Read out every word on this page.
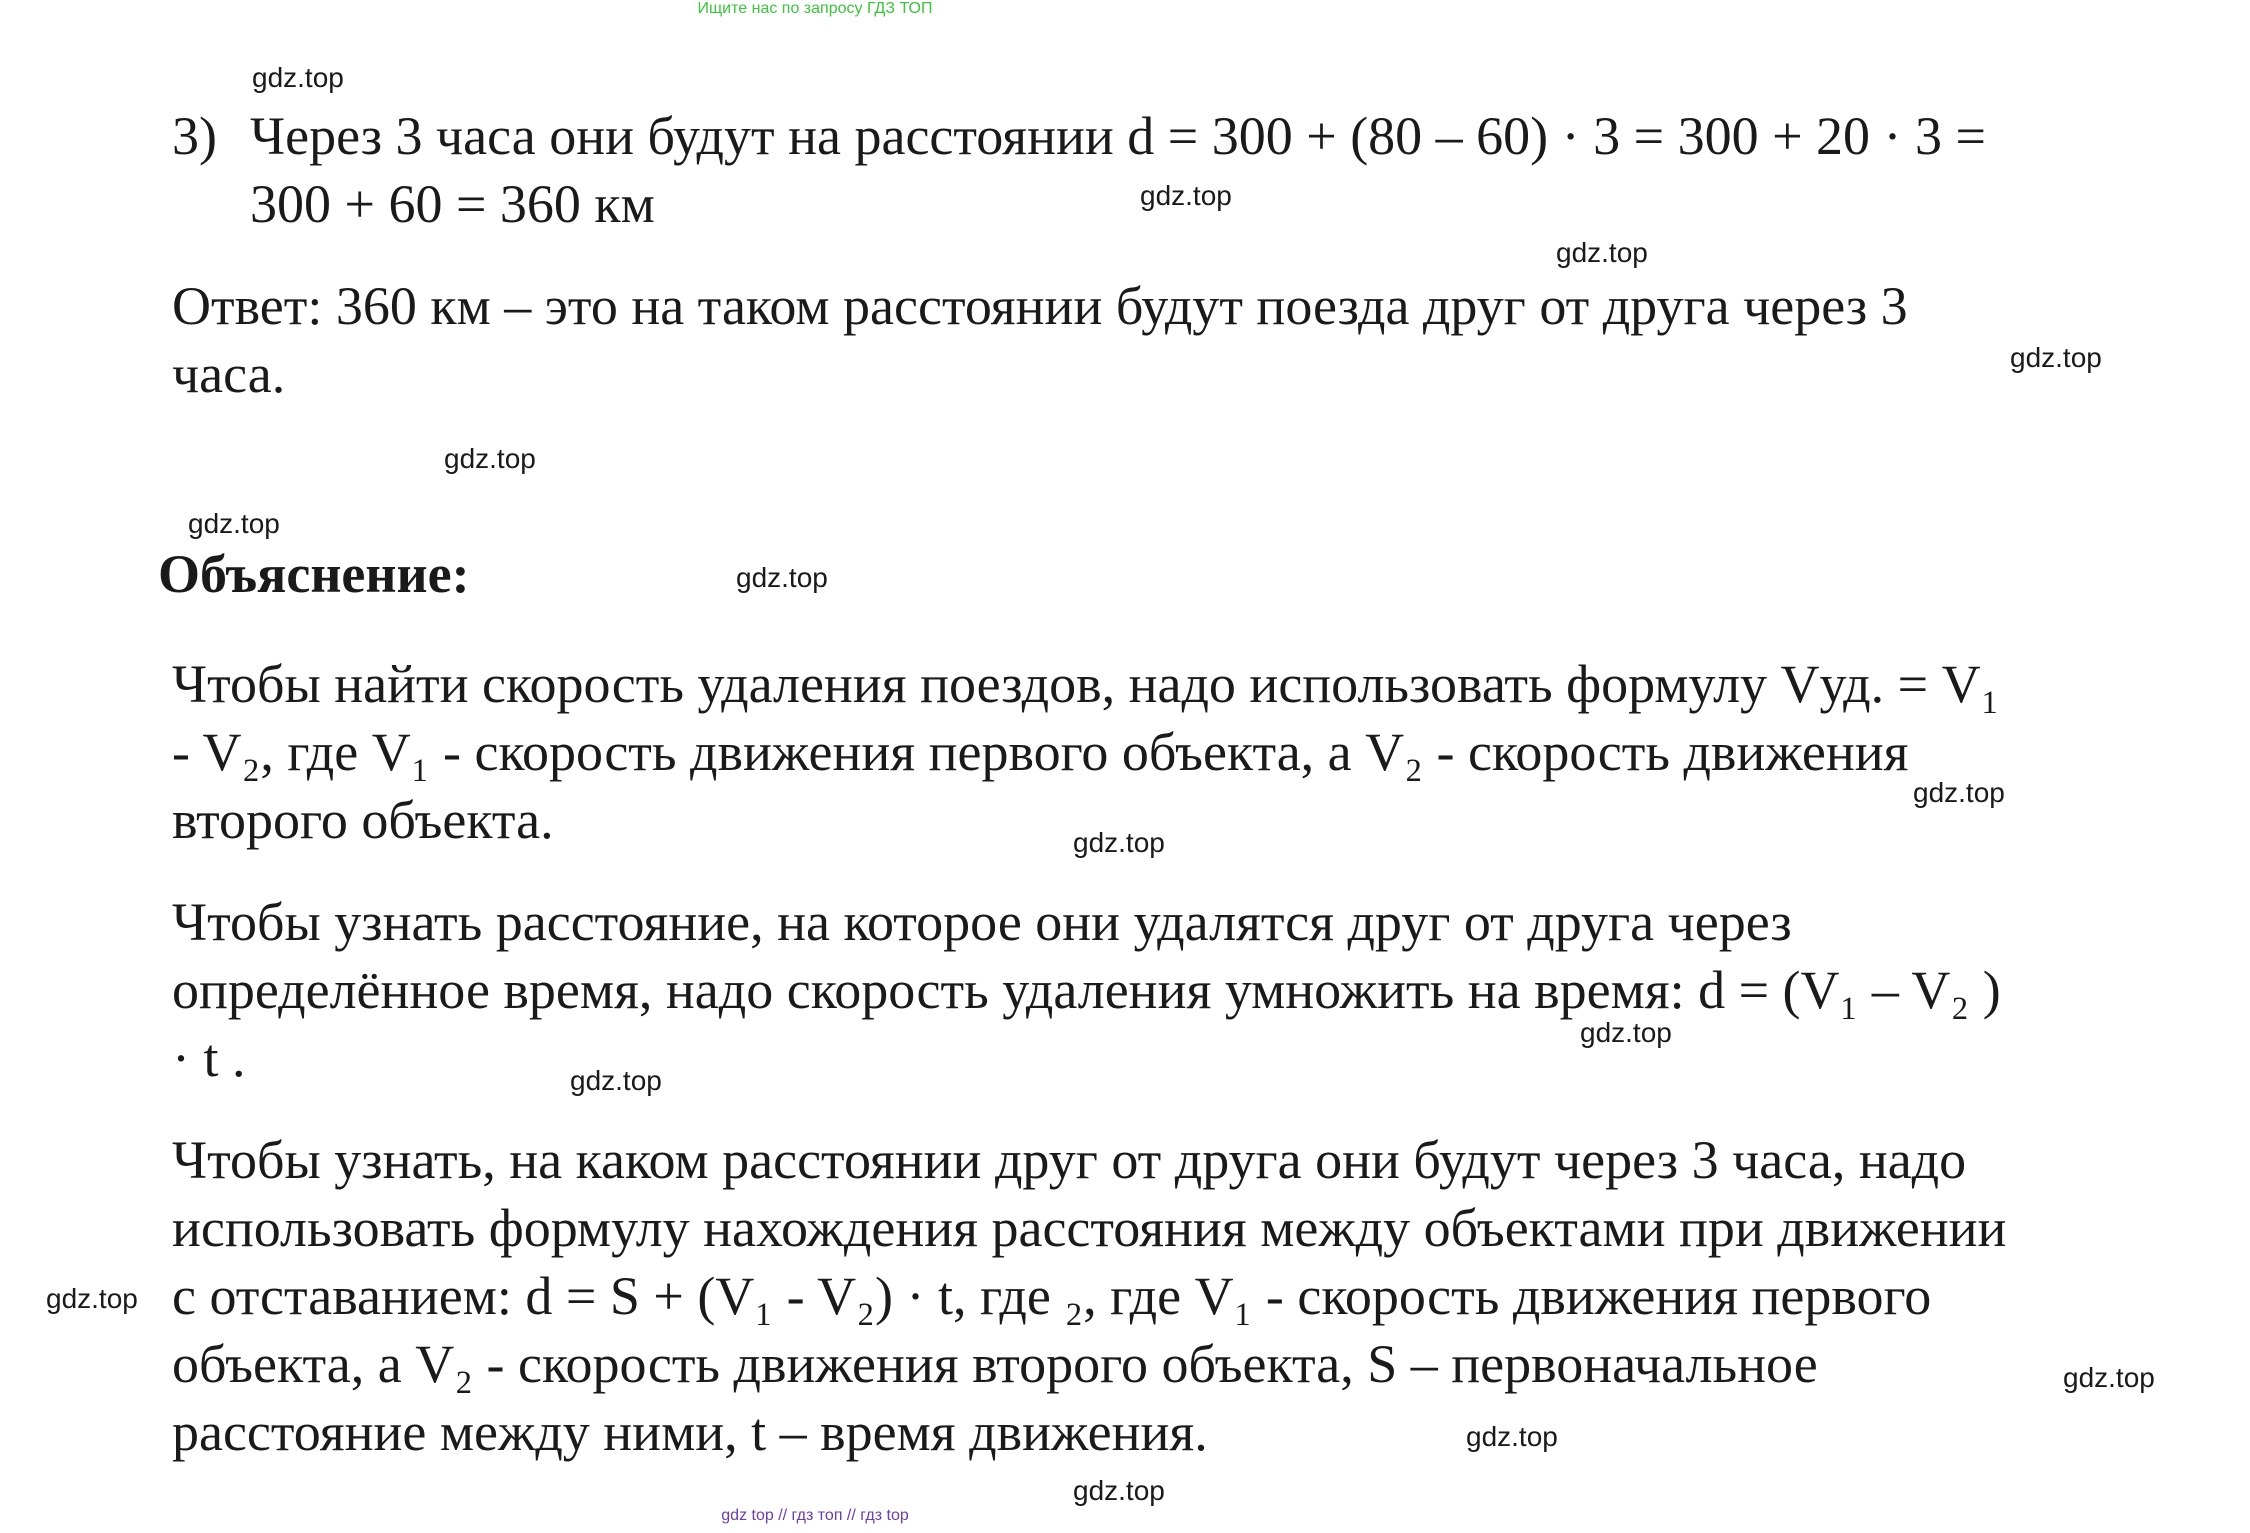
Ищите нас по запросу ГДЗ ТОП
gdz.top
gdz.top
gdz.top
gdz.top
gdz.top
gdz.top
gdz.top
gdz.top
gdz.top
gdz.top
gdz.top
gdz.top
gdz.top
gdz.top
gdz.top
3) Через 3 часа они будут на расстоянии d = 300 + (80 – 60) · 3 = 300 + 20 · 3 =
300 + 60 = 360 км
Ответ: 360 км – это на таком расстоянии будут поезда друг от друга через 3
часа.
Объяснение:
Чтобы найти скорость удаления поездов, надо использовать формулу Vуд. = V₁
- V₂, где V₁ - скорость движения первого объекта, а V₂ - скорость движения
второго объекта.
Чтобы узнать расстояние, на которое они удалятся друг от друга через
определённое время, надо скорость удаления умножить на время: d = (V₁ – V₂ )
· t .
Чтобы узнать, на каком расстоянии друг от друга они будут через 3 часа, надо
использовать формулу нахождения расстояния между объектами при движении
с отставанием: d = S + (V₁ - V₂) · t, где ₂, где V₁ - скорость движения первого
объекта, а V₂ - скорость движения второго объекта, S – первоначальное
расстояние между ними, t – время движения.
gdz top // гдз топ // гдз top
